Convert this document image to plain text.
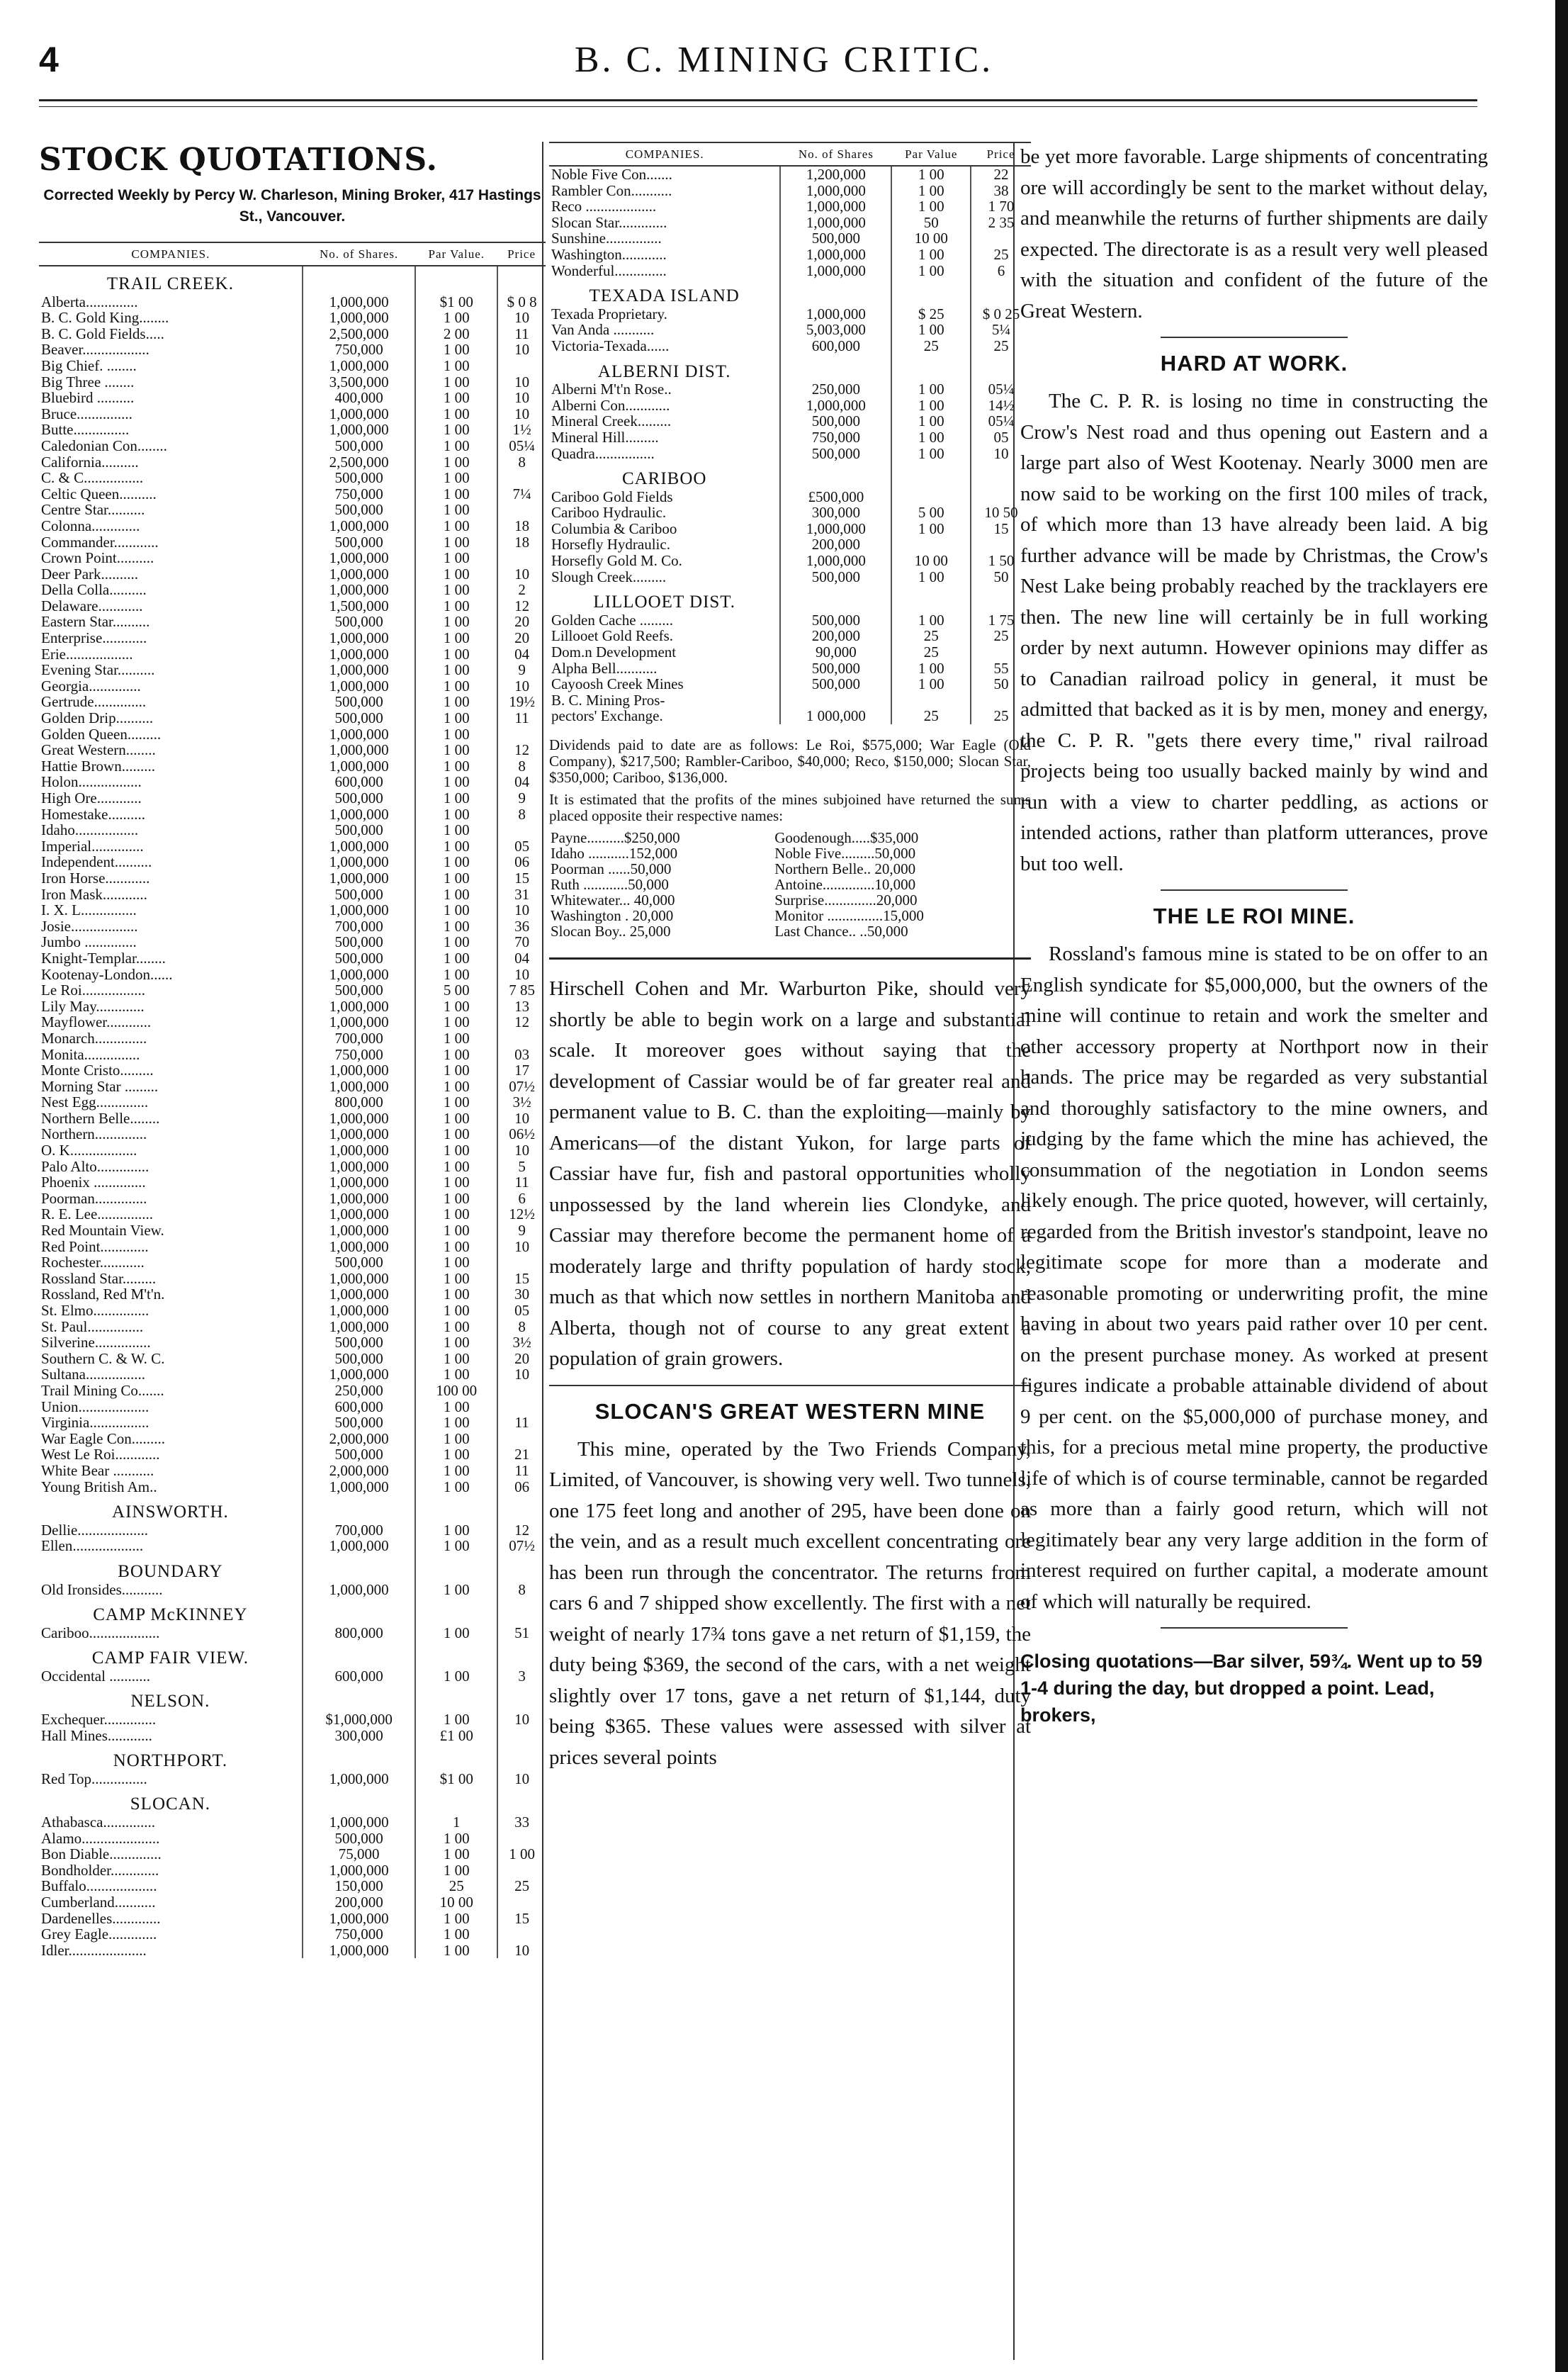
4	B. C. MINING CRITIC.
STOCK QUOTATIONS.
Corrected Weekly by Percy W. Charleson, Mining Broker, 417 Hastings St., Vancouver.
COMPANIES.	No. of Shares.	Par Value.	Price
TRAIL CREEK.			
Alberta..............	1,000,000	$1 00	$ 0 8
B. C. Gold King........	1,000,000	1 00	10
B. C. Gold Fields.....	2,500,000	2 00	11
Beaver..................	750,000	1 00	10
Big Chief. ........	1,000,000	1 00	
Big Three ........	3,500,000	1 00	10
Bluebird ..........	400,000	1 00	10
Bruce...............	1,000,000	1 00	10
Butte...............	1,000,000	1 00	1½
Caledonian Con........	500,000	1 00	05¼
California..........	2,500,000	1 00	8
C. & C................	500,000	1 00	
Celtic Queen..........	750,000	1 00	7¼
Centre Star..........	500,000	1 00	
Colonna.............	1,000,000	1 00	18
Commander............	500,000	1 00	18
Crown Point..........	1,000,000	1 00	
Deer Park..........	1,000,000	1 00	10
Della Colla..........	1,000,000	1 00	2
Delaware............	1,500,000	1 00	12
Eastern Star..........	500,000	1 00	20
Enterprise............	1,000,000	1 00	20
Erie..................	1,000,000	1 00	04
Evening Star..........	1,000,000	1 00	9
Georgia..............	1,000,000	1 00	10
Gertrude..............	500,000	1 00	19½

Golden Drip..........	500,000	1 00	11
Golden Queen.........	1,000,000	1 00	
Great Western........	1,000,000	1 00	12
Hattie Brown.........	1,000,000	1 00	8
Holon.................	600,000	1 00	04
High Ore............	500,000	1 00	9
Homestake..........	1,000,000	1 00	8
Idaho.................	500,000	1 00	
Imperial..............	1,000,000	1 00	05
Independent..........	1,000,000	1 00	06
Iron Horse............	1,000,000	1 00	15
Iron Mask............	500,000	1 00	31
I. X. L...............	1,000,000	1 00	10
Josie..................	700,000	1 00	36
Jumbo ..............	500,000	1 00	70
Knight-Templar........	500,000	1 00	04
Kootenay-London......	1,000,000	1 00	10
Le Roi.................	500,000	5 00	7 85
Lily May.............	1,000,000	1 00	13
Mayflower............	1,000,000	1 00	12
Monarch..............	700,000	1 00	
Monita...............	750,000	1 00	03
Monte Cristo.........	1,000,000	1 00	17
Morning Star .........	1,000,000	1 00	07½
Nest Egg..............	800,000	1 00	3½
Northern Belle........	1,000,000	1 00	10
Northern..............	1,000,000	1 00	06½
O. K..................	1,000,000	1 00	10
Palo Alto..............	1,000,000	1 00	5
Phoenix ..............	1,000,000	1 00	11
Poorman..............	1,000,000	1 00	6
R. E. Lee...............	1,000,000	1 00	12½
Red Mountain View.	1,000,000	1 00	9
Red Point.............	1,000,000	1 00	10
Rochester............	500,000	1 00	
Rossland Star.........	1,000,000	1 00	15
Rossland, Red M't'n.	1,000,000	1 00	30
St. Elmo...............	1,000,000	1 00	05
St. Paul...............	1,000,000	1 00	8
Silverine...............	500,000	1 00	3½
Southern C. & W. C.	500,000	1 00	20
Sultana................	1,000,000	1 00	10
Trail Mining Co.......	250,000	100 00	
Union...................	600,000	1 00	
Virginia................	500,000	1 00	11
War Eagle Con.........	2,000,000	1 00	
West Le Roi............	500,000	1 00	21
White Bear ...........	2,000,000	1 00	11
Young British Am..	1,000,000	1 00	06
AINSWORTH.			
Dellie...................	700,000	1 00	12
Ellen...................	1,000,000	1 00	07½
BOUNDARY			
Old Ironsides...........	1,000,000	1 00	8
CAMP McKINNEY			
Cariboo...................	800,000	1 00	51
CAMP FAIR VIEW.			
Occidental ...........	600,000	1 00	3
NELSON.			
Exchequer..............	$1,000,000	1 00	10
Hall Mines............	300,000	£1 00	
NORTHPORT.			
Red Top...............	1,000,000	$1 00	10
SLOCAN.			
Athabasca..............	1,000,000	1	33
Alamo.....................	500,000	1 00	
Bon Diable..............	75,000	1 00	1 00
Bondholder.............	1,000,000	1 00	
Buffalo...................	150,000	25	25
Cumberland...........	200,000	10 00	
Dardenelles.............	1,000,000	1 00	15
Grey Eagle.............	750,000	1 00	
Idler.....................	1,000,000	1 00	10
COMPANIES.	No. of Shares	Par Value	Price
Noble Five Con.......	1,200,000	1 00	22
Rambler Con...........	1,000,000	1 00	38
Reco ...................	1,000,000	1 00	1 70
Slocan Star.............	1,000,000	50	2 35
Sunshine...............	500,000	10 00	
Washington............	1,000,000	1 00	25
Wonderful..............	1,000,000	1 00	6
TEXADA ISLAND			
Texada Proprietary.	1,000,000	$ 25	$ 0 25
Van Anda ...........	5,003,000	1 00	5¼
Victoria-Texada......	600,000	25	25
ALBERNI DIST.			
Alberni M't'n Rose..	250,000	1 00	05¼
Alberni Con............	1,000,000	1 00	14½
Mineral Creek.........	500,000	1 00	05¼
Mineral Hill.........	750,000	1 00	05
Quadra................	500,000	1 00	10
CARIBOO			
Cariboo Gold Fields	£500,000		
Cariboo Hydraulic.	300,000	5 00	10 50
Columbia & Cariboo	1,000,000	1 00	15
Horsefly Hydraulic.	200,000		
Horsefly Gold M. Co.	1,000,000	10 00	1 50
Slough Creek.........	500,000	1 00	50
LILLOOET DIST.			
Golden Cache .........	500,000	1 00	1 75
Lillooet Gold Reefs.	200,000	25	25
Dom.n Development	90,000	25	
Alpha Bell...........	500,000	1 00	55
Cayoosh Creek Mines	500,000	1 00	50
B. C. Mining Pros-			
pectors' Exchange.	1 000,000	25	25

Dividends paid to date are as follows: Le Roi, $575,000; War Eagle (Old Company), $217,500; Rambler-Cariboo, $40,000; Reco, $150,000; Slocan Star, $350,000; Cariboo, $136,000.

It is estimated that the profits of the mines subjoined have returned the sums placed opposite their respective names:

Payne..........$250,000	Goodenough.....$35,000
Idaho ...........152,000	Noble Five.........50,000
Poorman ......50,000	Northern Belle.. 20,000
Ruth ............50,000	Antoine..............10,000
Whitewater... 40,000	Surprise..............20,000
Washington . 20,000	Monitor ...............15,000
Slocan Boy.. 25,000	Last Chance.. ..50,000

Hirschell Cohen and Mr. Warburton Pike, should very shortly be able to begin work on a large and substantial scale. It moreover goes without saying that the development of Cassiar would be of far greater real and permanent value to B. C. than the exploiting—mainly by Americans—of the distant Yukon, for large parts of Cassiar have fur, fish and pastoral opportunities wholly unpossessed by the land wherein lies Clondyke, and Cassiar may therefore become the permanent home of a moderately large and thrifty population of hardy stock, much as that which now settles in northern Manitoba and Alberta, though not of course to any great extent a population of grain growers.

SLOCAN'S GREAT WESTERN MINE

This mine, operated by the Two Friends Company, Limited, of Vancouver, is showing very well. Two tunnels, one 175 feet long and another of 295, have been done on the vein, and as a result much excellent concentrating ore has been run through the concentrator. The returns from cars 6 and 7 shipped show excellently. The first with a net weight of nearly 17¾ tons gave a net return of $1,159, the duty being $369, the second of the cars, with a net weight slightly over 17 tons, gave a net return of $1,144, duty being $365. These values were assessed with silver at prices several points

be yet more favorable. Large shipments of concentrating ore will accordingly be sent to the market without delay, and meanwhile the returns of further shipments are daily expected. The directorate is as a result very well pleased with the situation and confident of the future of the Great Western.

HARD AT WORK.

The C. P. R. is losing no time in constructing the Crow's Nest road and thus opening out Eastern and a large part also of West Kootenay. Nearly 3000 men are now said to be working on the first 100 miles of track, of which more than 13 have already been laid. A big further advance will be made by Christmas, the Crow's Nest Lake being probably reached by the tracklayers ere then. The new line will certainly be in full working order by next autumn. However opinions may differ as to Canadian railroad policy in general, it must be admitted that backed as it is by men, money and energy, the C. P. R. "gets there every time," rival railroad projects being too usually backed mainly by wind and run with a view to charter peddling, as actions or intended actions, rather than platform utterances, prove but too well.

THE LE ROI MINE.

Rossland's famous mine is stated to be on offer to an English syndicate for $5,000,000, but the owners of the mine will continue to retain and work the smelter and other accessory property at Northport now in their hands. The price may be regarded as very substantial and thoroughly satisfactory to the mine owners, and judging by the fame which the mine has achieved, the consummation of the negotiation in London seems likely enough. The price quoted, however, will certainly, regarded from the British investor's standpoint, leave no legitimate scope for more than a moderate and reasonable promoting or underwriting profit, the mine having in about two years paid rather over 10 per cent. on the present purchase money. As worked at present figures indicate a probable attainable dividend of about 9 per cent. on the $5,000,000 of purchase money, and this, for a precious metal mine property, the productive life of which is of course terminable, cannot be regarded as more than a fairly good return, which will not legitimately bear any very large addition in the form of interest required on further capital, a moderate amount of which will naturally be required.

Closing quotations—Bar silver, 59¾. Went up to 59 1-4 during the day, but dropped a point. Lead, brokers,
